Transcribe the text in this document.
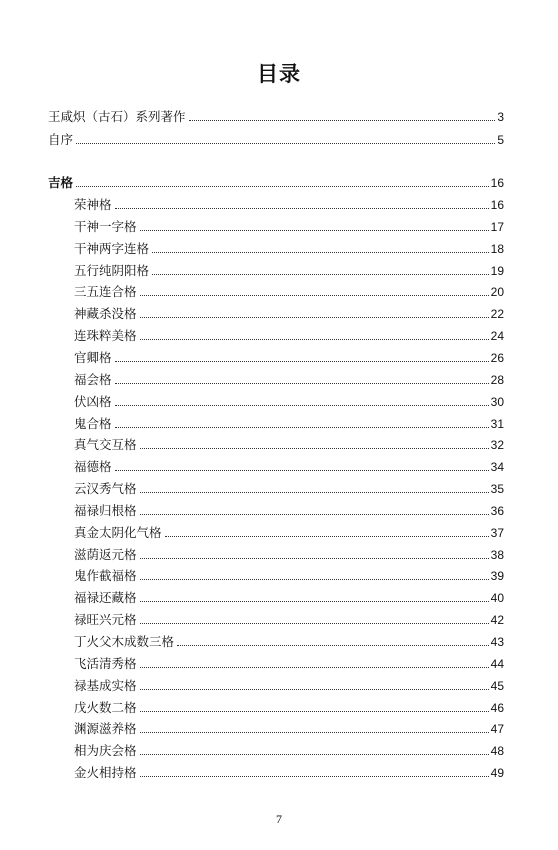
目录
王咸炽（古石）系列著作	3
自序	5
吉格	16
荣神格	16
干神一字格	17
干神两字连格	18
五行纯阴阳格	19
三五连合格	20
神藏杀没格	22
连珠粹美格	24
官卿格	26
福会格	28
伏凶格	30
鬼合格	31
真气交互格	32
福德格	34
云汉秀气格	35
福禄归根格	36
真金太阴化气格	37
滋荫返元格	38
鬼作截福格	39
福禄还藏格	40
禄旺兴元格	42
丁火父木成数三格	43
飞活清秀格	44
禄基成实格	45
戊火数二格	46
渊源滋养格	47
相为庆会格	48
金火相持格	49
7
